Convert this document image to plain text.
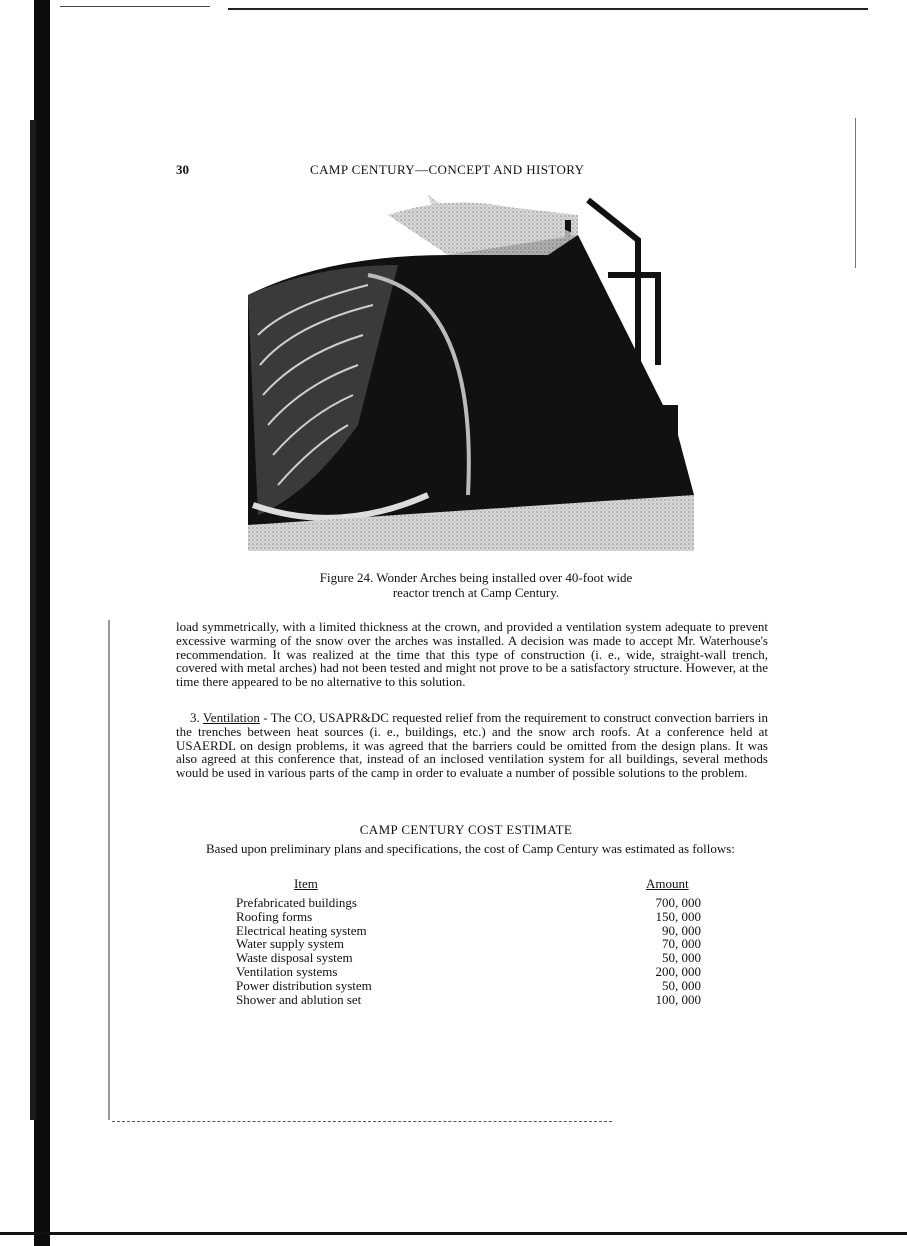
30	CAMP CENTURY—CONCEPT AND HISTORY
Figure 24. Wonder Arches being installed over 40-foot wide
reactor trench at Camp Century.
load symmetrically, with a limited thickness at the crown, and provided a ventilation system adequate to prevent excessive warming of the snow over the arches was installed. A decision was made to accept Mr. Waterhouse's recommendation. It was realized at the time that this type of construction (i. e., wide, straight-wall trench, covered with metal arches) had not been tested and might not prove to be a satisfactory structure. However, at the time there appeared to be no alternative to this solution.
3. Ventilation - The CO, USAPR&DC requested relief from the requirement to construct convection barriers in the trenches between heat sources (i. e., buildings, etc.) and the snow arch roofs. At a conference held at USAERDL on design problems, it was agreed that the barriers could be omitted from the design plans. It was also agreed at this conference that, instead of an inclosed ventilation system for all buildings, several methods would be used in various parts of the camp in order to evaluate a number of possible solutions to the problem.
CAMP CENTURY COST ESTIMATE
Based upon preliminary plans and specifications, the cost of Camp Century was estimated as follows:
Item	Amount
Prefabricated buildings	700, 000
Roofing forms	150, 000
Electrical heating system	90, 000
Water supply system	70, 000
Waste disposal system	50, 000
Ventilation systems	200, 000
Power distribution system	50, 000
Shower and ablution set	100, 000
